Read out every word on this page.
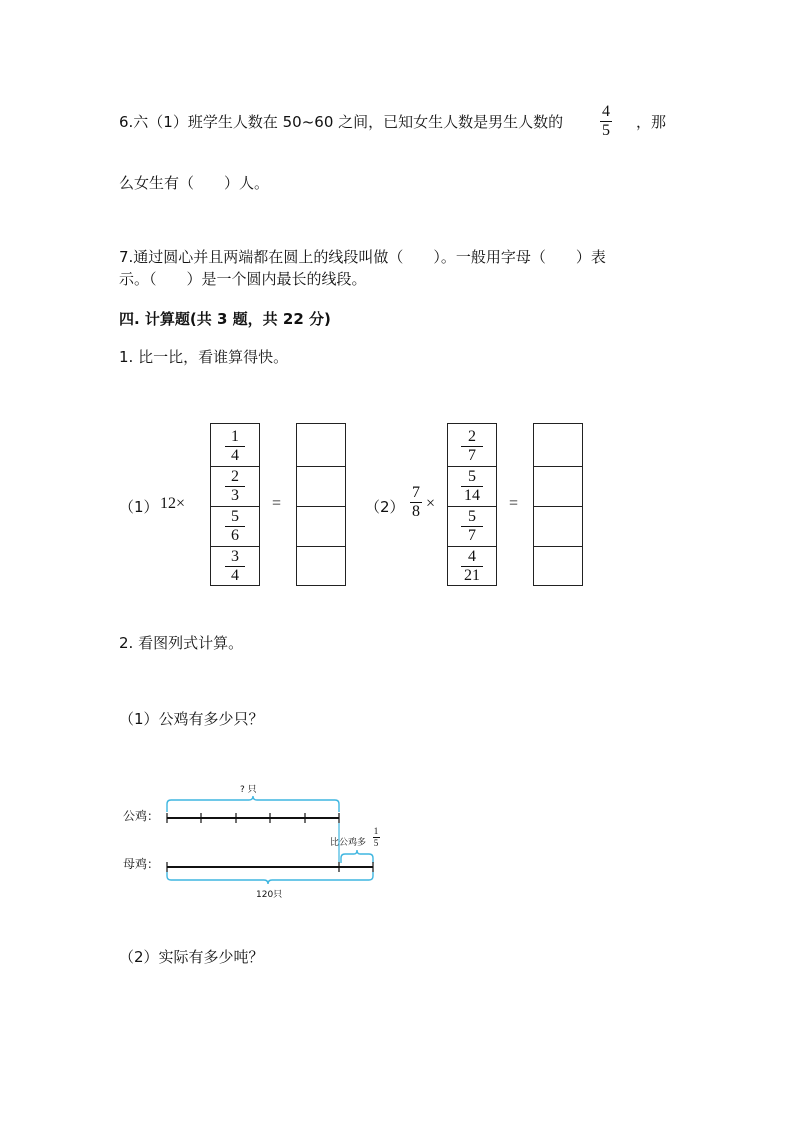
6.六（1）班学生人数在 50~60 之间，已知女生人数是男生人数的
4
5 ，那
么女生有（　　）人。
7.通过圆心并且两端都在圆上的线段叫做（　　）。一般用字母（　　）表
示。（　　）是一个圆内最长的线段。
四. 计算题(共 3 题，共 22 分)
1. 比一比，看谁算得快。
（1） 12×
1
4
2
3
5
6
3
4
=	（2）
7
8 ×
2
7
5
14
5
7
4
21
=
2. 看图列式计算。
（1）公鸡有多少只？
? 只
公鸡：
母鸡：
比公鸡多
1
5
120只
（2）实际有多少吨？
